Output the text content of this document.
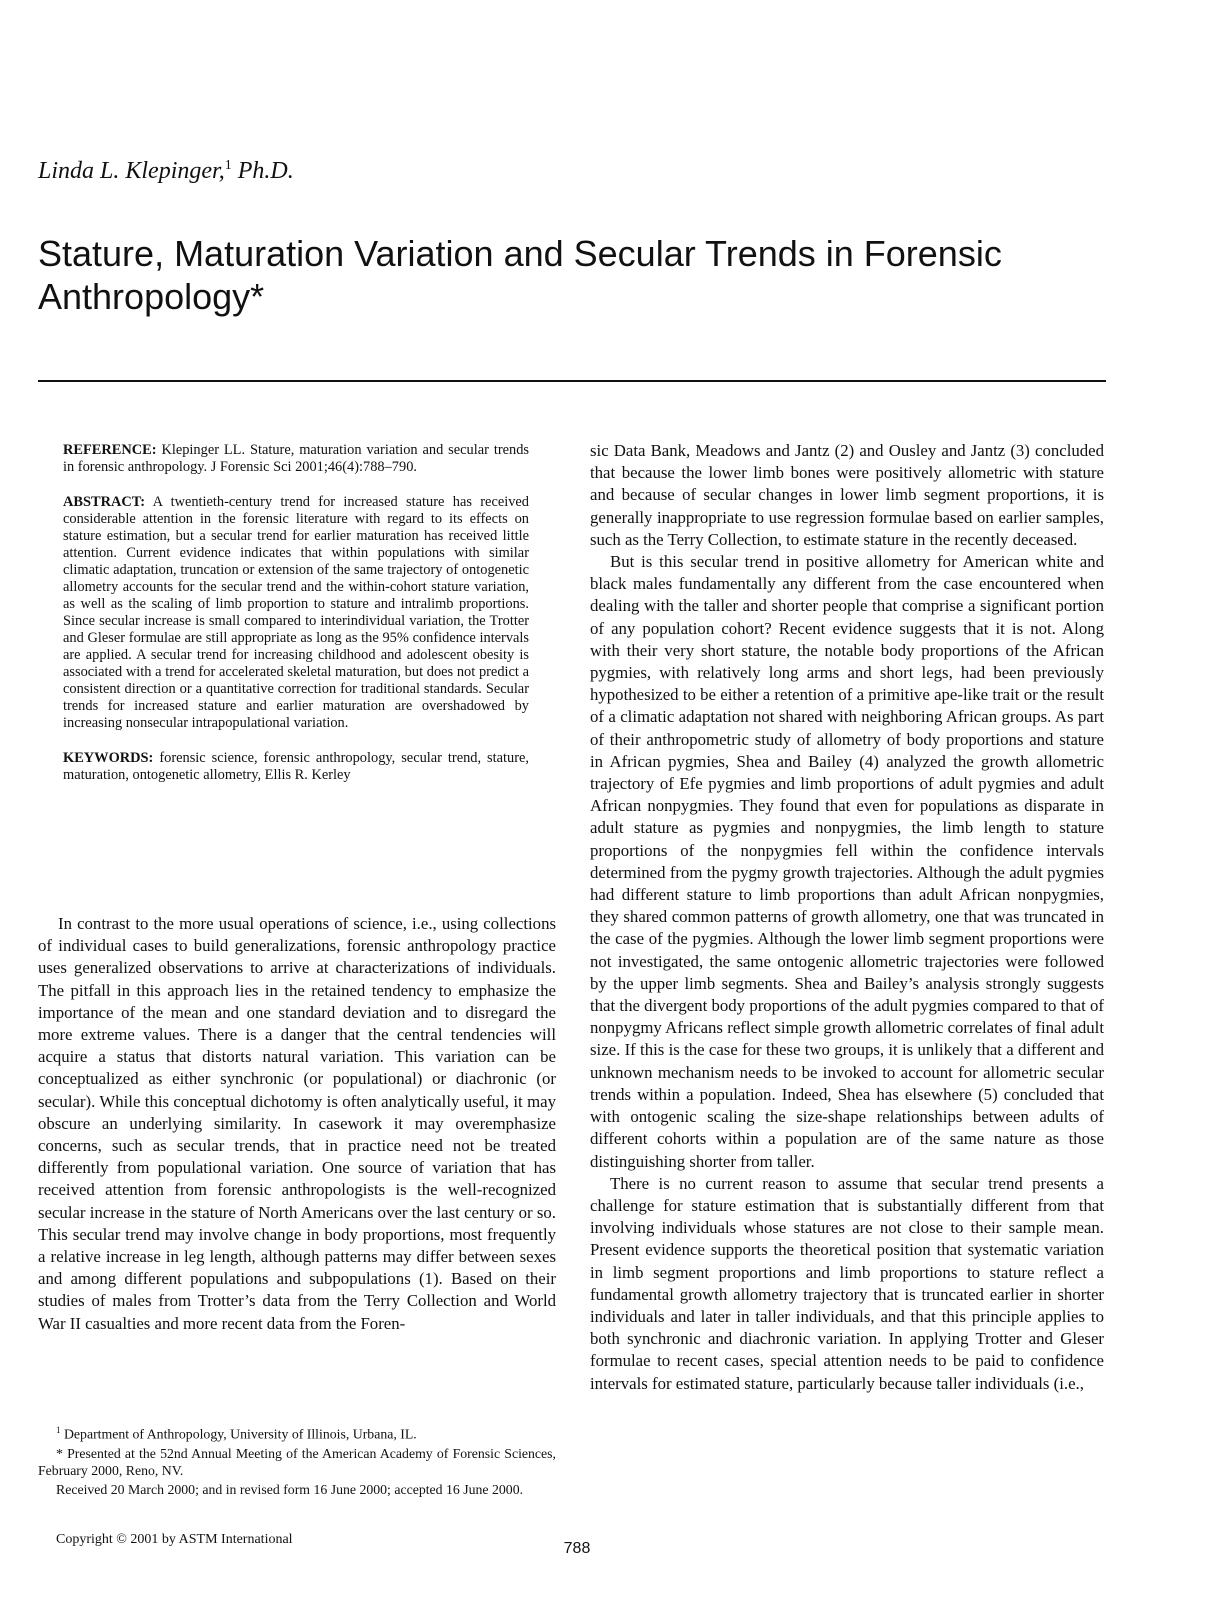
Linda L. Klepinger,$^1$ Ph.D.

Stature, Maturation Variation and Secular Trends in Forensic Anthropology*

REFERENCE: Klepinger LL. Stature, maturation variation and secular trends in forensic anthropology. J Forensic Sci 2001;46(4):788–790.

ABSTRACT: A twentieth-century trend for increased stature has received considerable attention in the forensic literature with regard to its effects on stature estimation, but a secular trend for earlier maturation has received little attention. Current evidence indicates that within populations with similar climatic adaptation, truncation or extension of the same trajectory of ontogenetic allometry accounts for the secular trend and the within-cohort stature variation, as well as the scaling of limb proportion to stature and intralimb proportions. Since secular increase is small compared to interindividual variation, the Trotter and Gleser formulae are still appropriate as long as the 95% confidence intervals are applied. A secular trend for increasing childhood and adolescent obesity is associated with a trend for accelerated skeletal maturation, but does not predict a consistent direction or a quantitative correction for traditional standards. Secular trends for increased stature and earlier maturation are overshadowed by increasing nonsecular intrapopulational variation.

KEYWORDS: forensic science, forensic anthropology, secular trend, stature, maturation, ontogenetic allometry, Ellis R. Kerley

In contrast to the more usual operations of science, i.e., using collections of individual cases to build generalizations, forensic anthropology practice uses generalized observations to arrive at characterizations of individuals. The pitfall in this approach lies in the retained tendency to emphasize the importance of the mean and one standard deviation and to disregard the more extreme values. There is a danger that the central tendencies will acquire a status that distorts natural variation. This variation can be conceptualized as either synchronic (or populational) or diachronic (or secular). While this conceptual dichotomy is often analytically useful, it may obscure an underlying similarity. In casework it may overemphasize concerns, such as secular trends, that in practice need not be treated differently from populational variation. One source of variation that has received attention from forensic anthropologists is the well-recognized secular increase in the stature of North Americans over the last century or so. This secular trend may involve change in body proportions, most frequently a relative increase in leg length, although patterns may differ between sexes and among different populations and subpopulations (1). Based on their studies of males from Trotter’s data from the Terry Collection and World War II casualties and more recent data from the Foren-

sic Data Bank, Meadows and Jantz (2) and Ousley and Jantz (3) concluded that because the lower limb bones were positively allometric with stature and because of secular changes in lower limb segment proportions, it is generally inappropriate to use regression formulae based on earlier samples, such as the Terry Collection, to estimate stature in the recently deceased.

But is this secular trend in positive allometry for American white and black males fundamentally any different from the case encountered when dealing with the taller and shorter people that comprise a significant portion of any population cohort? Recent evidence suggests that it is not. Along with their very short stature, the notable body proportions of the African pygmies, with relatively long arms and short legs, had been previously hypothesized to be either a retention of a primitive ape-like trait or the result of a climatic adaptation not shared with neighboring African groups. As part of their anthropometric study of allometry of body proportions and stature in African pygmies, Shea and Bailey (4) analyzed the growth allometric trajectory of Efe pygmies and limb proportions of adult pygmies and adult African nonpygmies. They found that even for populations as disparate in adult stature as pygmies and nonpygmies, the limb length to stature proportions of the nonpygmies fell within the confidence intervals determined from the pygmy growth trajectories. Although the adult pygmies had different stature to limb proportions than adult African nonpygmies, they shared common patterns of growth allometry, one that was truncated in the case of the pygmies. Although the lower limb segment proportions were not investigated, the same ontogenic allometric trajectories were followed by the upper limb segments. Shea and Bailey’s analysis strongly suggests that the divergent body proportions of the adult pygmies compared to that of nonpygmy Africans reflect simple growth allometric correlates of final adult size. If this is the case for these two groups, it is unlikely that a different and unknown mechanism needs to be invoked to account for allometric secular trends within a population. Indeed, Shea has elsewhere (5) concluded that with ontogenic scaling the size-shape relationships between adults of different cohorts within a population are of the same nature as those distinguishing shorter from taller.

There is no current reason to assume that secular trend presents a challenge for stature estimation that is substantially different from that involving individuals whose statures are not close to their sample mean. Present evidence supports the theoretical position that systematic variation in limb segment proportions and limb proportions to stature reflect a fundamental growth allometry trajectory that is truncated earlier in shorter individuals and later in taller individuals, and that this principle applies to both synchronic and diachronic variation. In applying Trotter and Gleser formulae to recent cases, special attention needs to be paid to confidence intervals for estimated stature, particularly because taller individuals (i.e.,

$^1$ Department of Anthropology, University of Illinois, Urbana, IL.

* Presented at the 52nd Annual Meeting of the American Academy of Forensic Sciences, February 2000, Reno, NV.

Received 20 March 2000; and in revised form 16 June 2000; accepted 16 June 2000.

Copyright © 2001 by ASTM International

788
